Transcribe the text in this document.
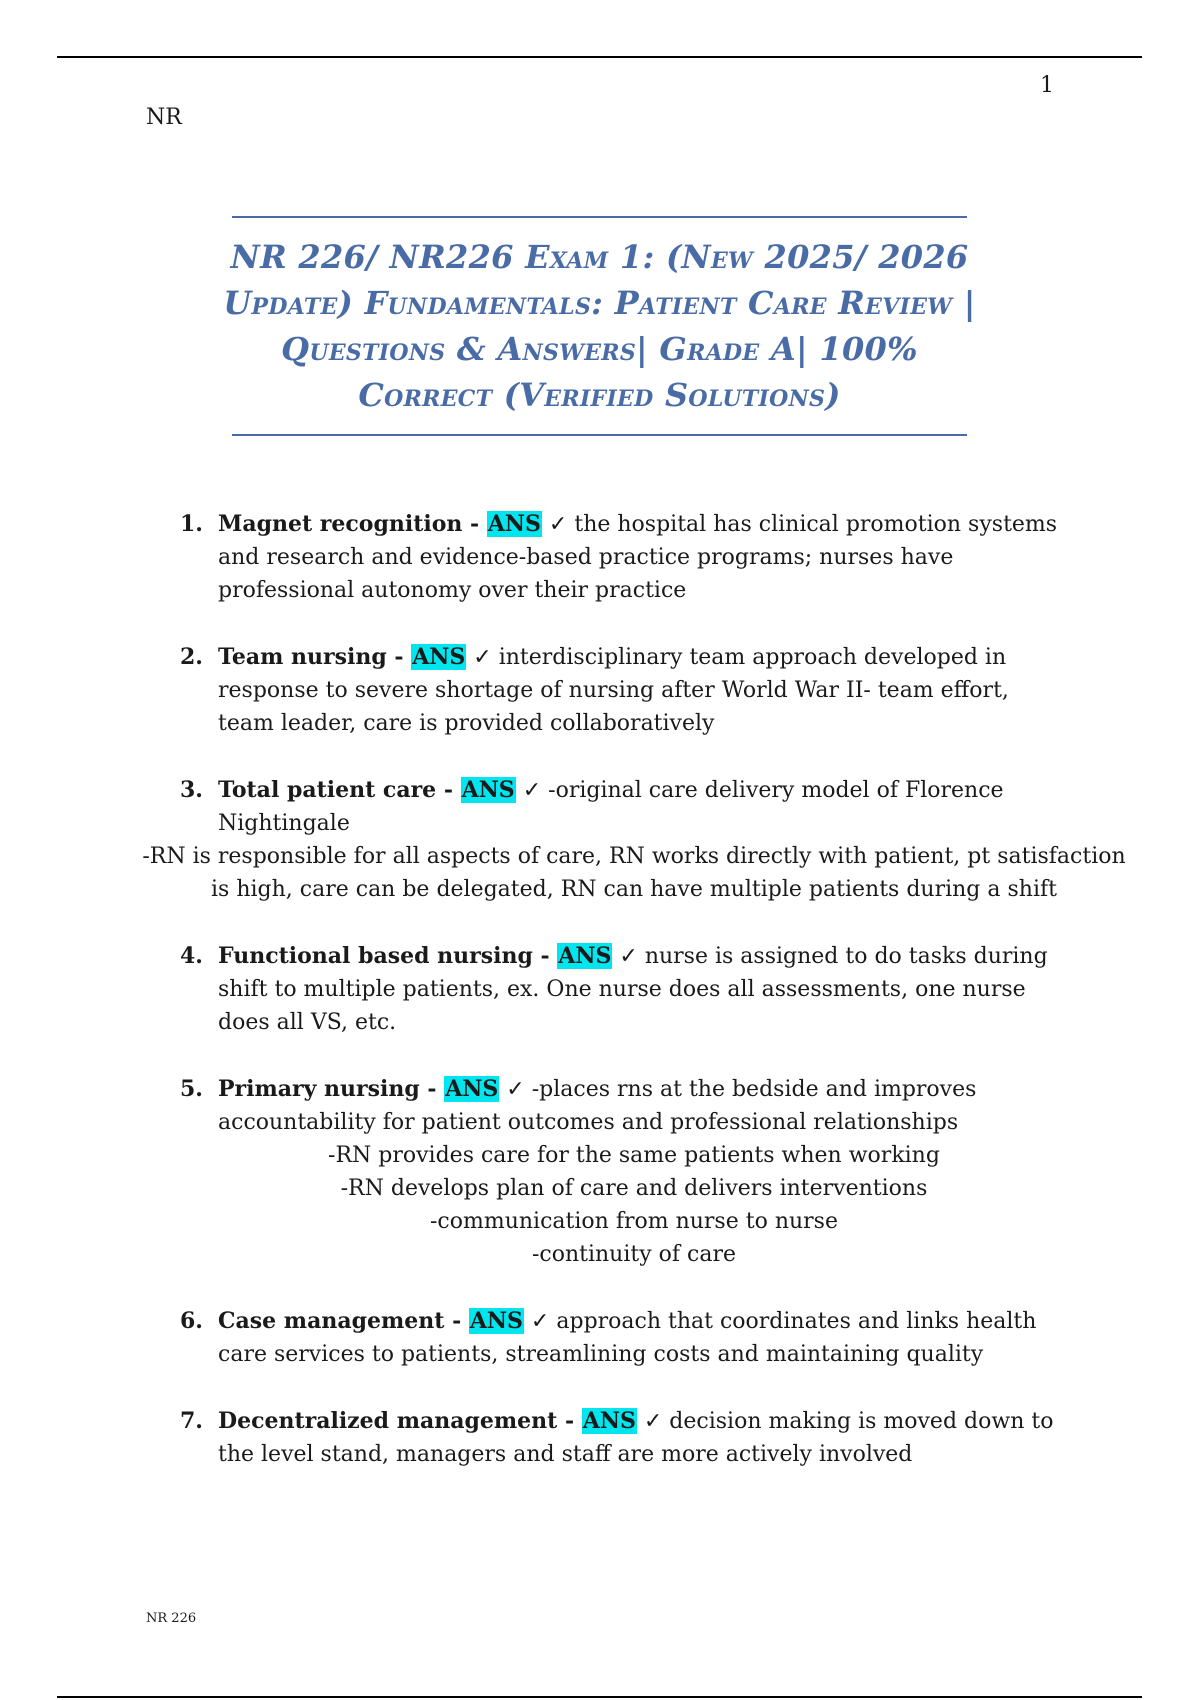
1
NR
NR 226/ NR226 Exam 1: (New 2025/ 2026
Update) Fundamentals: Patient Care Review |
Questions & Answers| Grade A| 100%
Correct (Verified Solutions)
1. Magnet recognition - ANS ✓ the hospital has clinical promotion systems and research and evidence-based practice programs; nurses have professional autonomy over their practice
2. Team nursing - ANS ✓ interdisciplinary team approach developed in response to severe shortage of nursing after World War II- team effort, team leader, care is provided collaboratively
3. Total patient care - ANS ✓ -original care delivery model of Florence Nightingale
-RN is responsible for all aspects of care, RN works directly with patient, pt satisfaction is high, care can be delegated, RN can have multiple patients during a shift
4. Functional based nursing - ANS ✓ nurse is assigned to do tasks during shift to multiple patients, ex. One nurse does all assessments, one nurse does all VS, etc.
5. Primary nursing - ANS ✓ -places rns at the bedside and improves accountability for patient outcomes and professional relationships
-RN provides care for the same patients when working
-RN develops plan of care and delivers interventions
-communication from nurse to nurse
-continuity of care
6. Case management - ANS ✓ approach that coordinates and links health care services to patients, streamlining costs and maintaining quality
7. Decentralized management - ANS ✓ decision making is moved down to the level stand, managers and staff are more actively involved
NR 226
